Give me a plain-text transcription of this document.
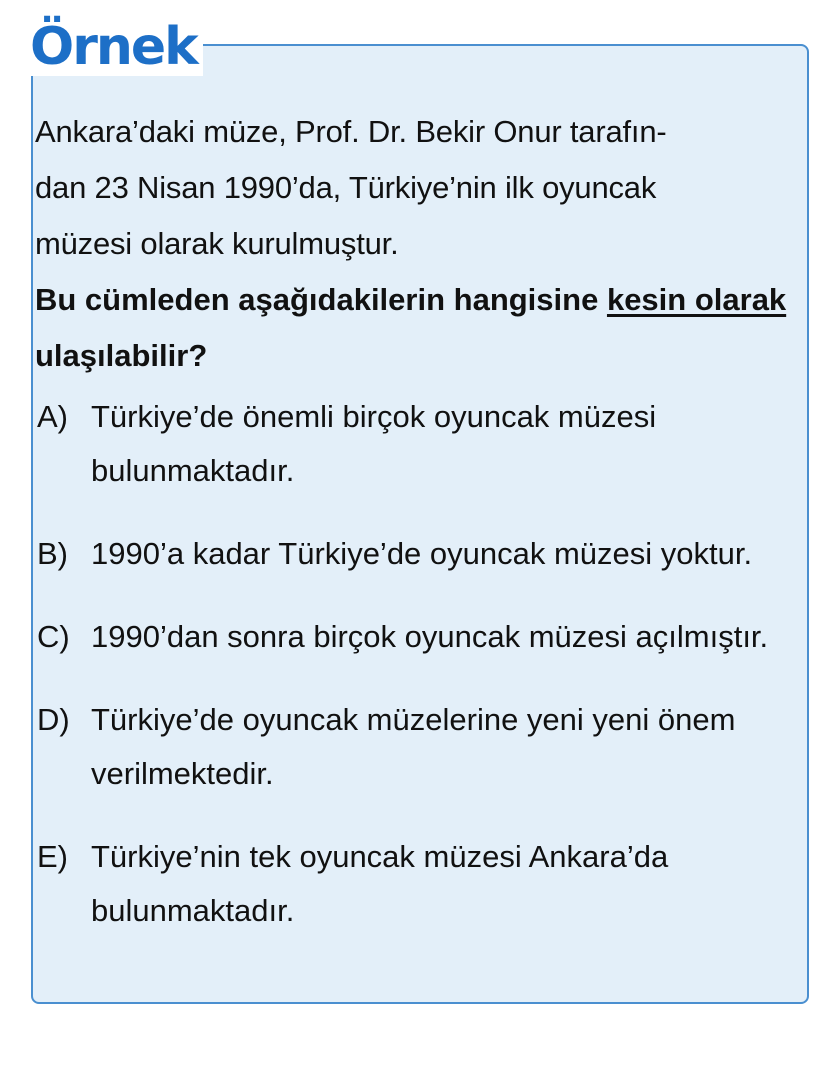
Örnek

Ankara’daki müze, Prof. Dr. Bekir Onur tarafın-
dan 23 Nisan 1990’da, Türkiye’nin ilk oyuncak
müzesi olarak kurulmuştur.

Bu cümleden aşağıdakilerin hangisine kesin olarak ulaşılabilir?

A) Türkiye’de önemli birçok oyuncak müzesi bulunmaktadır.
B) 1990’a kadar Türkiye’de oyuncak müzesi yoktur.
C) 1990’dan sonra birçok oyuncak müzesi açılmıştır.
D) Türkiye’de oyuncak müzelerine yeni yeni önem verilmektedir.
E) Türkiye’nin tek oyuncak müzesi Ankara’da bulunmaktadır.
